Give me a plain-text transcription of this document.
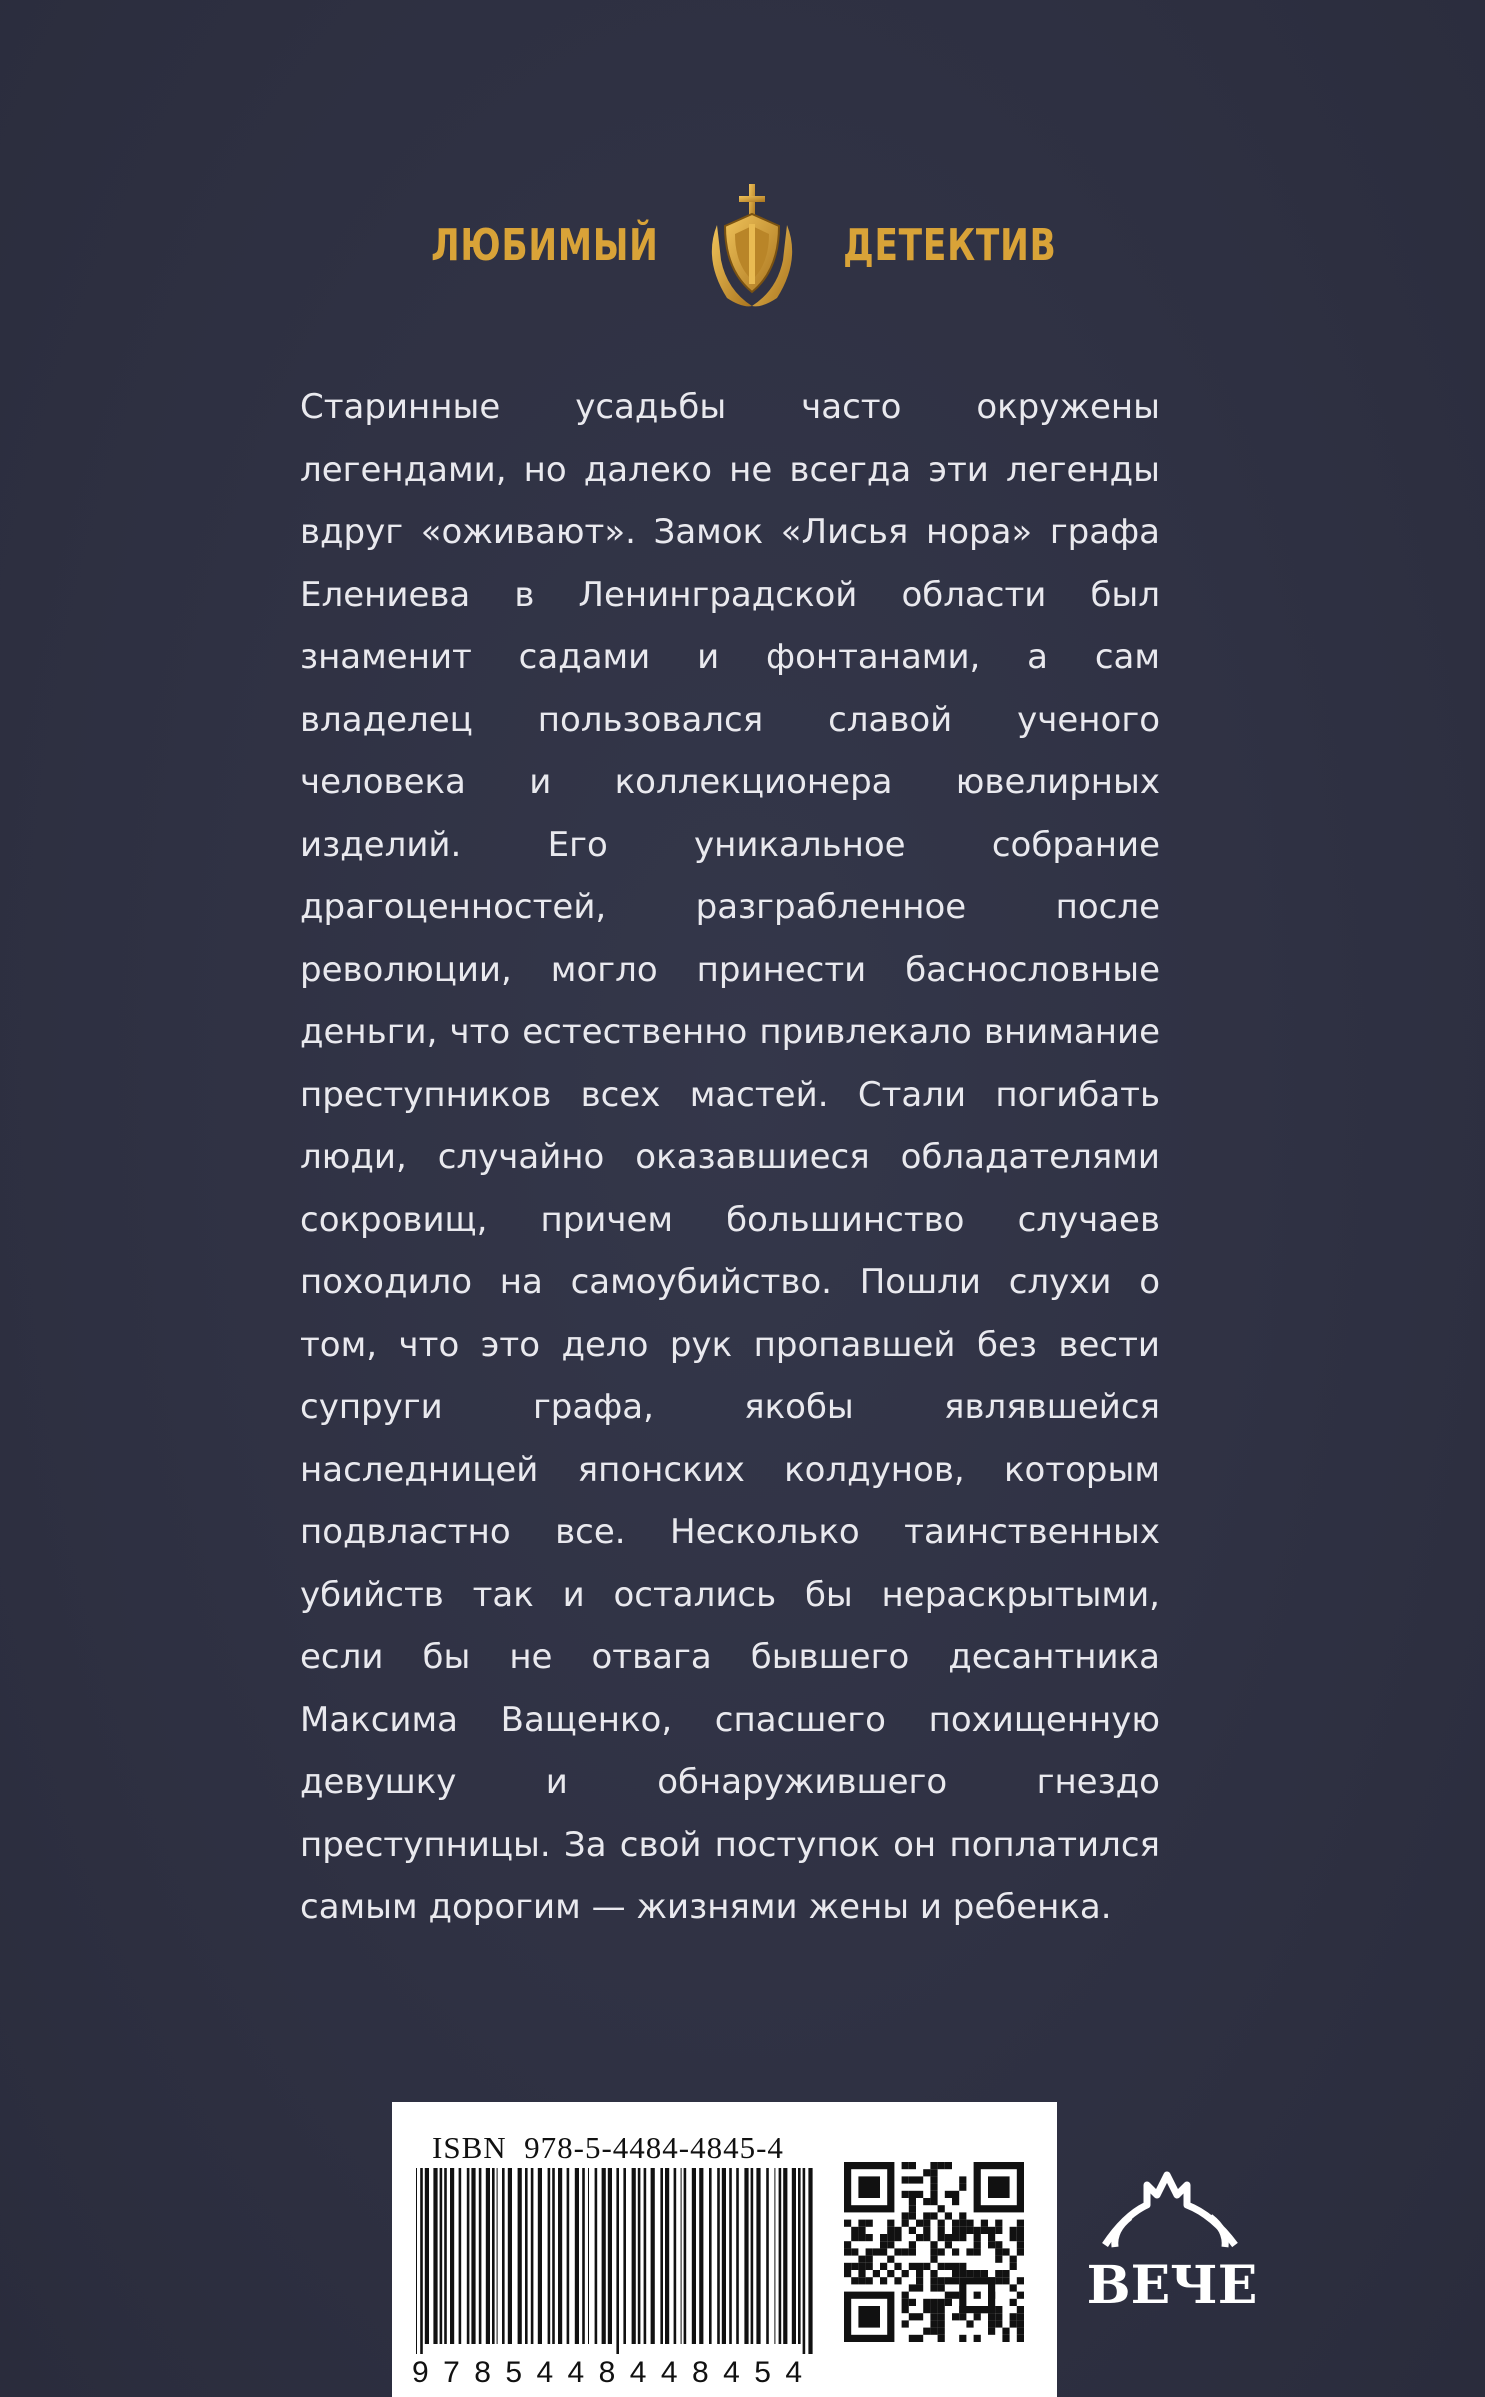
ЛЮБИМЫЙ	ДЕТЕКТИВ

Старинные усадьбы часто окружены легендами, но далеко не всегда эти легенды вдруг «оживают». Замок «Лисья нора» графа Елениева в Ленинградской области был знаменит садами и фонтанами, а сам владелец пользовался славой ученого человека и коллекционера ювелирных изделий. Его уникальное собрание драгоценностей, разграбленное после революции, могло принести баснословные деньги, что естественно привлекало внимание преступников всех мастей. Стали погибать люди, случайно оказавшиеся обладателями сокровищ, причем большинство случаев походило на самоубийство. Пошли слухи о том, что это дело рук пропавшей без вести супруги графа, якобы являвшейся наследницей японских колдунов, которым подвластно все. Несколько таинственных убийств так и остались бы нераскрытыми, если бы не отвага бывшего десантника Максима Ващенко, спасшего похищенную девушку и обнаружившего гнездо преступницы. За свой поступок он поплатился самым дорогим — жизнями жены и ребенка.

ISBN 978-5-4484-4845-4
9785448448454
ВЕЧЕ
